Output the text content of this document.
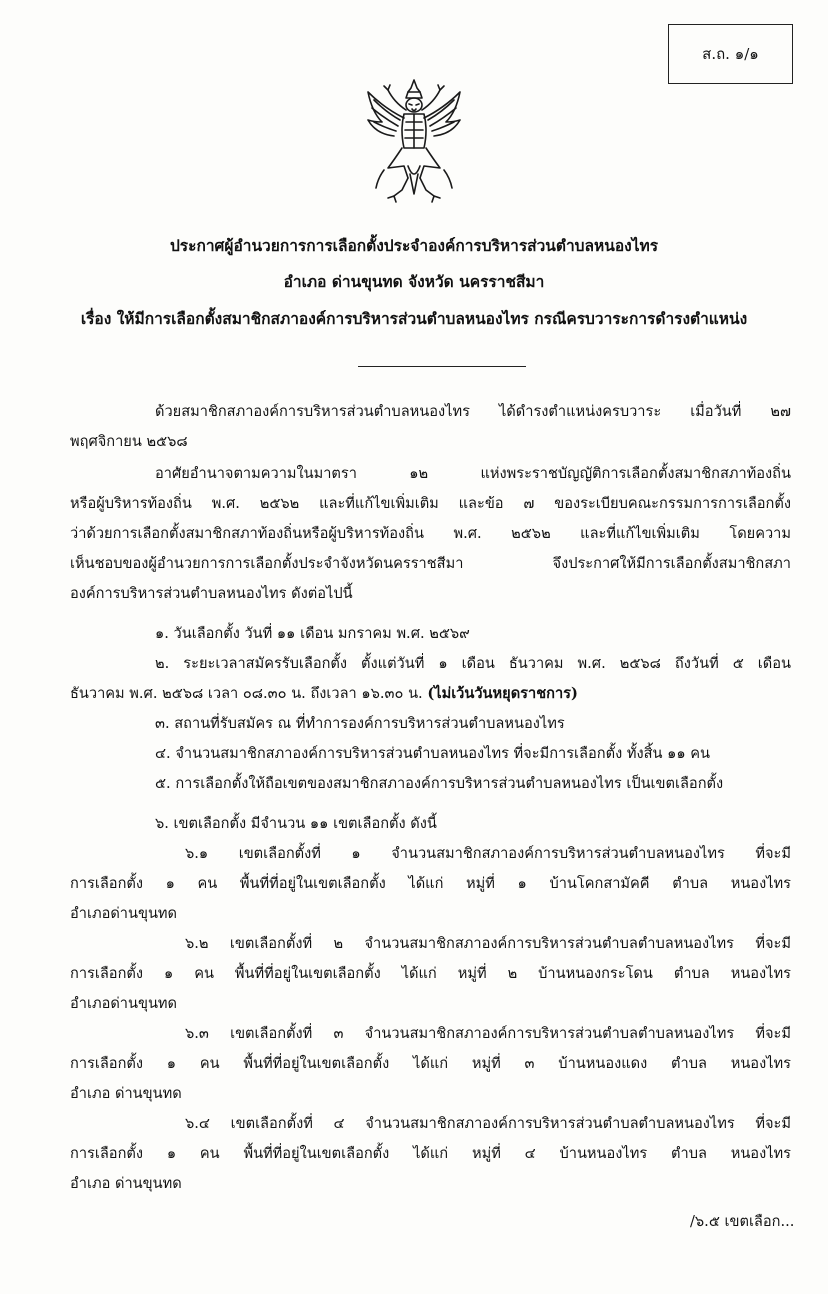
ส.ถ. ๑/๑
ประกาศผู้อำนวยการการเลือกตั้งประจำองค์การบริหารส่วนตำบลหนองไทร
อำเภอ ด่านขุนทด จังหวัด นครราชสีมา
เรื่อง ให้มีการเลือกตั้งสมาชิกสภาองค์การบริหารส่วนตำบลหนองไทร กรณีครบวาระการดำรงตำแหน่ง
ด้วยสมาชิกสภาองค์การบริหารส่วนตำบลหนองไทร ได้ดำรงตำแหน่งครบวาระ เมื่อวันที่ ๒๗
พฤศจิกายน ๒๕๖๘
อาศัยอำนาจตามความในมาตรา ๑๒ แห่งพระราชบัญญัติการเลือกตั้งสมาชิกสภาท้องถิ่น
หรือผู้บริหารท้องถิ่น พ.ศ. ๒๕๖๒ และที่แก้ไขเพิ่มเติม และข้อ ๗ ของระเบียบคณะกรรมการการเลือกตั้ง
ว่าด้วยการเลือกตั้งสมาชิกสภาท้องถิ่นหรือผู้บริหารท้องถิ่น พ.ศ. ๒๕๖๒ และที่แก้ไขเพิ่มเติม โดยความ
เห็นชอบของผู้อำนวยการการเลือกตั้งประจำจังหวัดนครราชสีมา จึงประกาศให้มีการเลือกตั้งสมาชิกสภา
องค์การบริหารส่วนตำบลหนองไทร ดังต่อไปนี้
๑. วันเลือกตั้ง วันที่ ๑๑ เดือน มกราคม พ.ศ. ๒๕๖๙
๒. ระยะเวลาสมัครรับเลือกตั้ง ตั้งแต่วันที่ ๑ เดือน ธันวาคม พ.ศ. ๒๕๖๘ ถึงวันที่ ๕ เดือน
ธันวาคม พ.ศ. ๒๕๖๘ เวลา ๐๘.๓๐ น. ถึงเวลา ๑๖.๓๐ น. (ไม่เว้นวันหยุดราชการ)
๓. สถานที่รับสมัคร ณ ที่ทำการองค์การบริหารส่วนตำบลหนองไทร
๔. จำนวนสมาชิกสภาองค์การบริหารส่วนตำบลหนองไทร ที่จะมีการเลือกตั้ง ทั้งสิ้น ๑๑ คน
๕. การเลือกตั้งให้ถือเขตของสมาชิกสภาองค์การบริหารส่วนตำบลหนองไทร เป็นเขตเลือกตั้ง
๖. เขตเลือกตั้ง มีจำนวน ๑๑ เขตเลือกตั้ง ดังนี้
๖.๑ เขตเลือกตั้งที่ ๑ จำนวนสมาชิกสภาองค์การบริหารส่วนตำบลหนองไทร ที่จะมี
การเลือกตั้ง ๑ คน พื้นที่ที่อยู่ในเขตเลือกตั้ง ได้แก่ หมู่ที่ ๑ บ้านโคกสามัคคี ตำบล หนองไทร
อำเภอด่านขุนทด
๖.๒ เขตเลือกตั้งที่ ๒ จำนวนสมาชิกสภาองค์การบริหารส่วนตำบลตำบลหนองไทร ที่จะมี
การเลือกตั้ง ๑ คน พื้นที่ที่อยู่ในเขตเลือกตั้ง ได้แก่ หมู่ที่ ๒ บ้านหนองกระโดน ตำบล หนองไทร
อำเภอด่านขุนทด
๖.๓ เขตเลือกตั้งที่ ๓ จำนวนสมาชิกสภาองค์การบริหารส่วนตำบลตำบลหนองไทร ที่จะมี
การเลือกตั้ง ๑ คน พื้นที่ที่อยู่ในเขตเลือกตั้ง ได้แก่ หมู่ที่ ๓ บ้านหนองแดง ตำบล หนองไทร
อำเภอ ด่านขุนทด
๖.๔ เขตเลือกตั้งที่ ๔ จำนวนสมาชิกสภาองค์การบริหารส่วนตำบลตำบลหนองไทร ที่จะมี
การเลือกตั้ง ๑ คน พื้นที่ที่อยู่ในเขตเลือกตั้ง ได้แก่ หมู่ที่ ๔ บ้านหนองไทร ตำบล หนองไทร
อำเภอ ด่านขุนทด
/๖.๕ เขตเลือก...
